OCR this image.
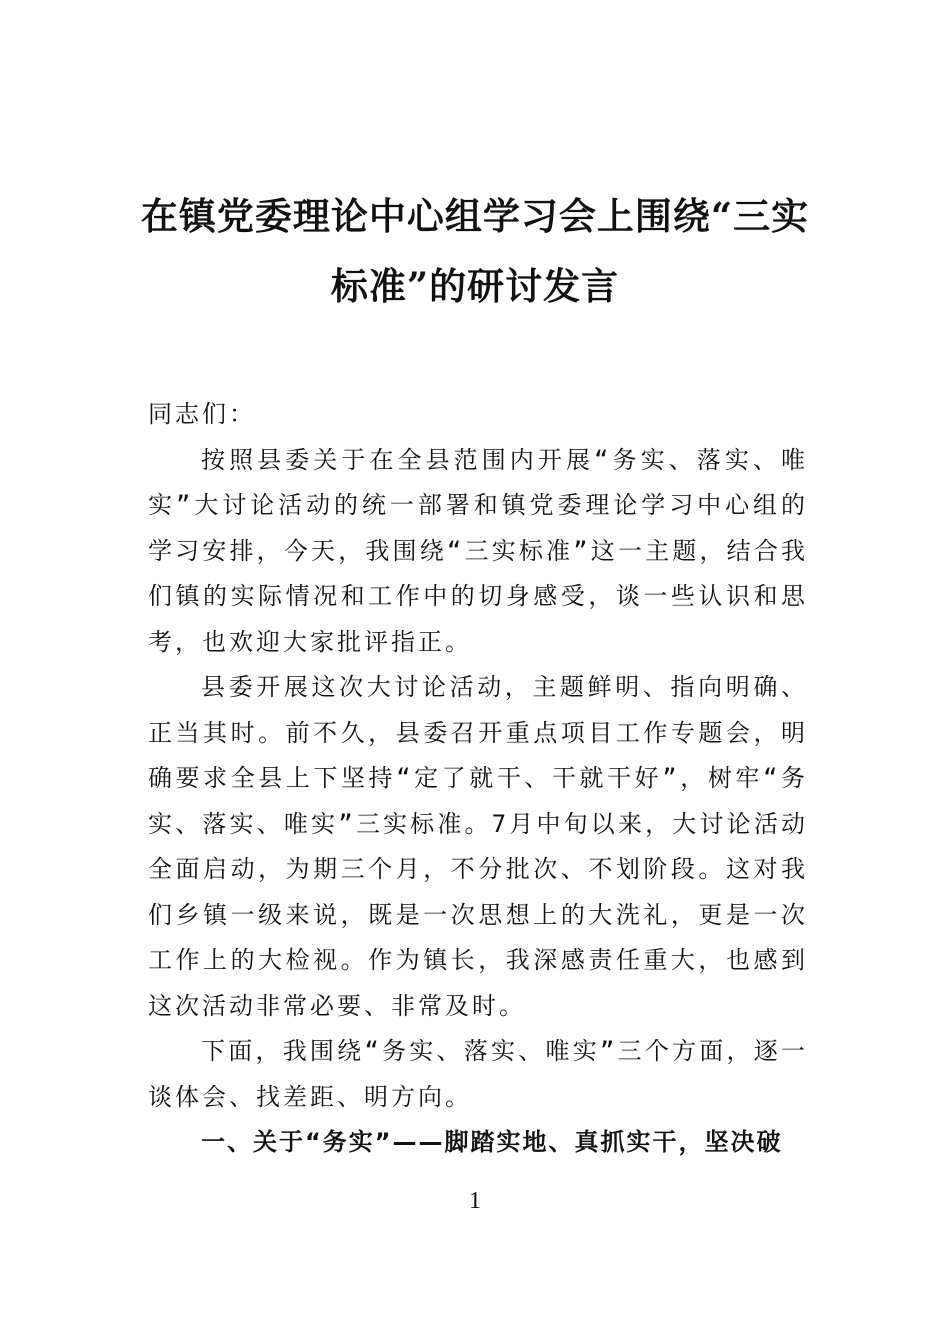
在镇党委理论中心组学习会上围绕“三实
标准”的研讨发言

同志们：

按照县委关于在全县范围内开展“务实、落实、唯实”大讨论活动的统一部署和镇党委理论学习中心组的学习安排，今天，我围绕“三实标准”这一主题，结合我们镇的实际情况和工作中的切身感受，谈一些认识和思考，也欢迎大家批评指正。

县委开展这次大讨论活动，主题鲜明、指向明确、正当其时。前不久，县委召开重点项目工作专题会，明确要求全县上下坚持“定了就干、干就干好”，树牢“务实、落实、唯实”三实标准。7月中旬以来，大讨论活动全面启动，为期三个月，不分批次、不划阶段。这对我们乡镇一级来说，既是一次思想上的大洗礼，更是一次工作上的大检视。作为镇长，我深感责任重大，也感到这次活动非常必要、非常及时。

下面，我围绕“务实、落实、唯实”三个方面，逐一谈体会、找差距、明方向。

一、关于“务实”——脚踏实地、真抓实干，坚决破

1
